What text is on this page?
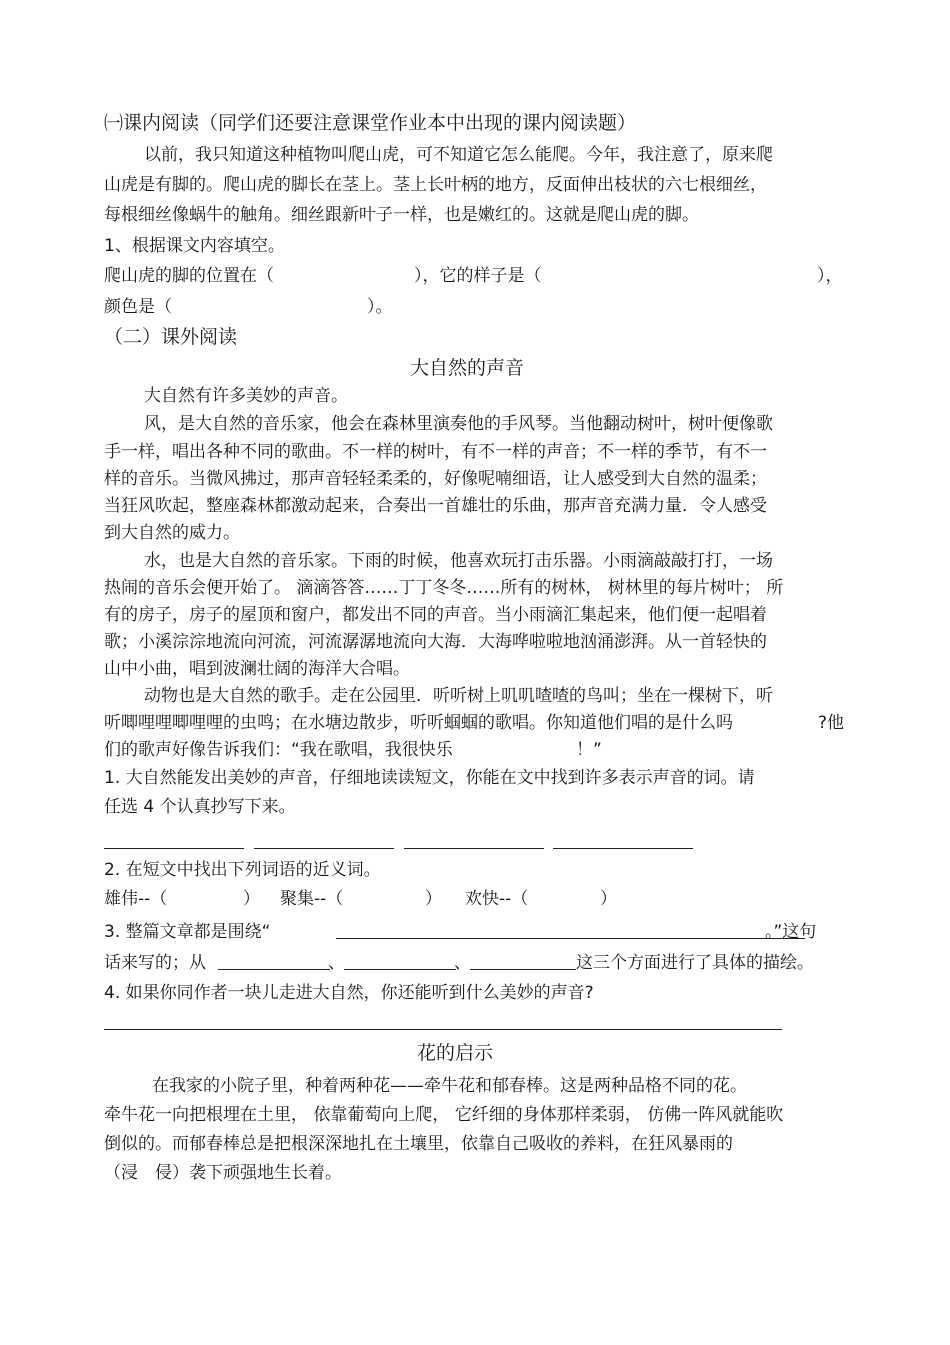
㈠课内阅读（同学们还要注意课堂作业本中出现的课内阅读题）
以前，我只知道这种植物叫爬山虎，可不知道它怎么能爬。今年，我注意了，原来爬
山虎是有脚的。爬山虎的脚长在茎上。茎上长叶柄的地方，反面伸出枝状的六七根细丝，
每根细丝像蜗牛的触角。细丝跟新叶子一样，也是嫩红的。这就是爬山虎的脚。
1、根据课文内容填空。
爬山虎的脚的位置在（	），它的样子是（	），
颜色是（	）。
（二）课外阅读
大自然的声音
大自然有许多美妙的声音。
风，是大自然的音乐家，他会在森林里演奏他的手风琴。当他翻动树叶，树叶便像歌
手一样，唱出各种不同的歌曲。不一样的树叶，有不一样的声音；不一样的季节，有不一
样的音乐。当微风拂过，那声音轻轻柔柔的，好像呢喃细语，让人感受到大自然的温柔；
当狂风吹起，整座森林都激动起来，合奏出一首雄壮的乐曲，那声音充满力量．令人感受
到大自然的威力。
水，也是大自然的音乐家。下雨的时候，他喜欢玩打击乐器。小雨滴敲敲打打，一场
热闹的音乐会便开始了。 滴滴答答……丁丁冬冬……所有的树林， 树林里的每片树叶； 所
有的房子，房子的屋顶和窗户，都发出不同的声音。当小雨滴汇集起来，他们便一起唱着
歌；小溪淙淙地流向河流，河流潺潺地流向大海．大海哗啦啦地汹涌澎湃。从一首轻快的
山中小曲，唱到波澜壮阔的海洋大合唱。
动物也是大自然的歌手。走在公园里．听听树上叽叽喳喳的鸟叫；坐在一棵树下，听
听唧哩哩唧哩哩的虫鸣；在水塘边散步，听听蝈蝈的歌唱。你知道他们唱的是什么吗	?他
们的歌声好像告诉我们：“我在歌唱，我很快乐	！”
1. 大自然能发出美妙的声音，仔细地读读短文，你能在文中找到许多表示声音的词。请
任选 4 个认真抄写下来。
2. 在短文中找出下列词语的近义词。
雄伟--（	） 聚集--（	） 欢快--（	）
3. 整篇文章都是围绕“	。”这句
话来写的；从	、	、	这三个方面进行了具体的描绘。
4. 如果你同作者一块儿走进大自然，你还能听到什么美妙的声音?
花的启示
在我家的小院子里，种着两种花——牵牛花和郁春棒。这是两种品格不同的花。
牵牛花一向把根埋在土里， 依靠葡萄向上爬， 它纤细的身体那样柔弱， 仿佛一阵风就能吹
倒似的。而郁春棒总是把根深深地扎在土壤里，依靠自己吸收的养料，在狂风暴雨的
（浸　侵）袭下顽强地生长着。
